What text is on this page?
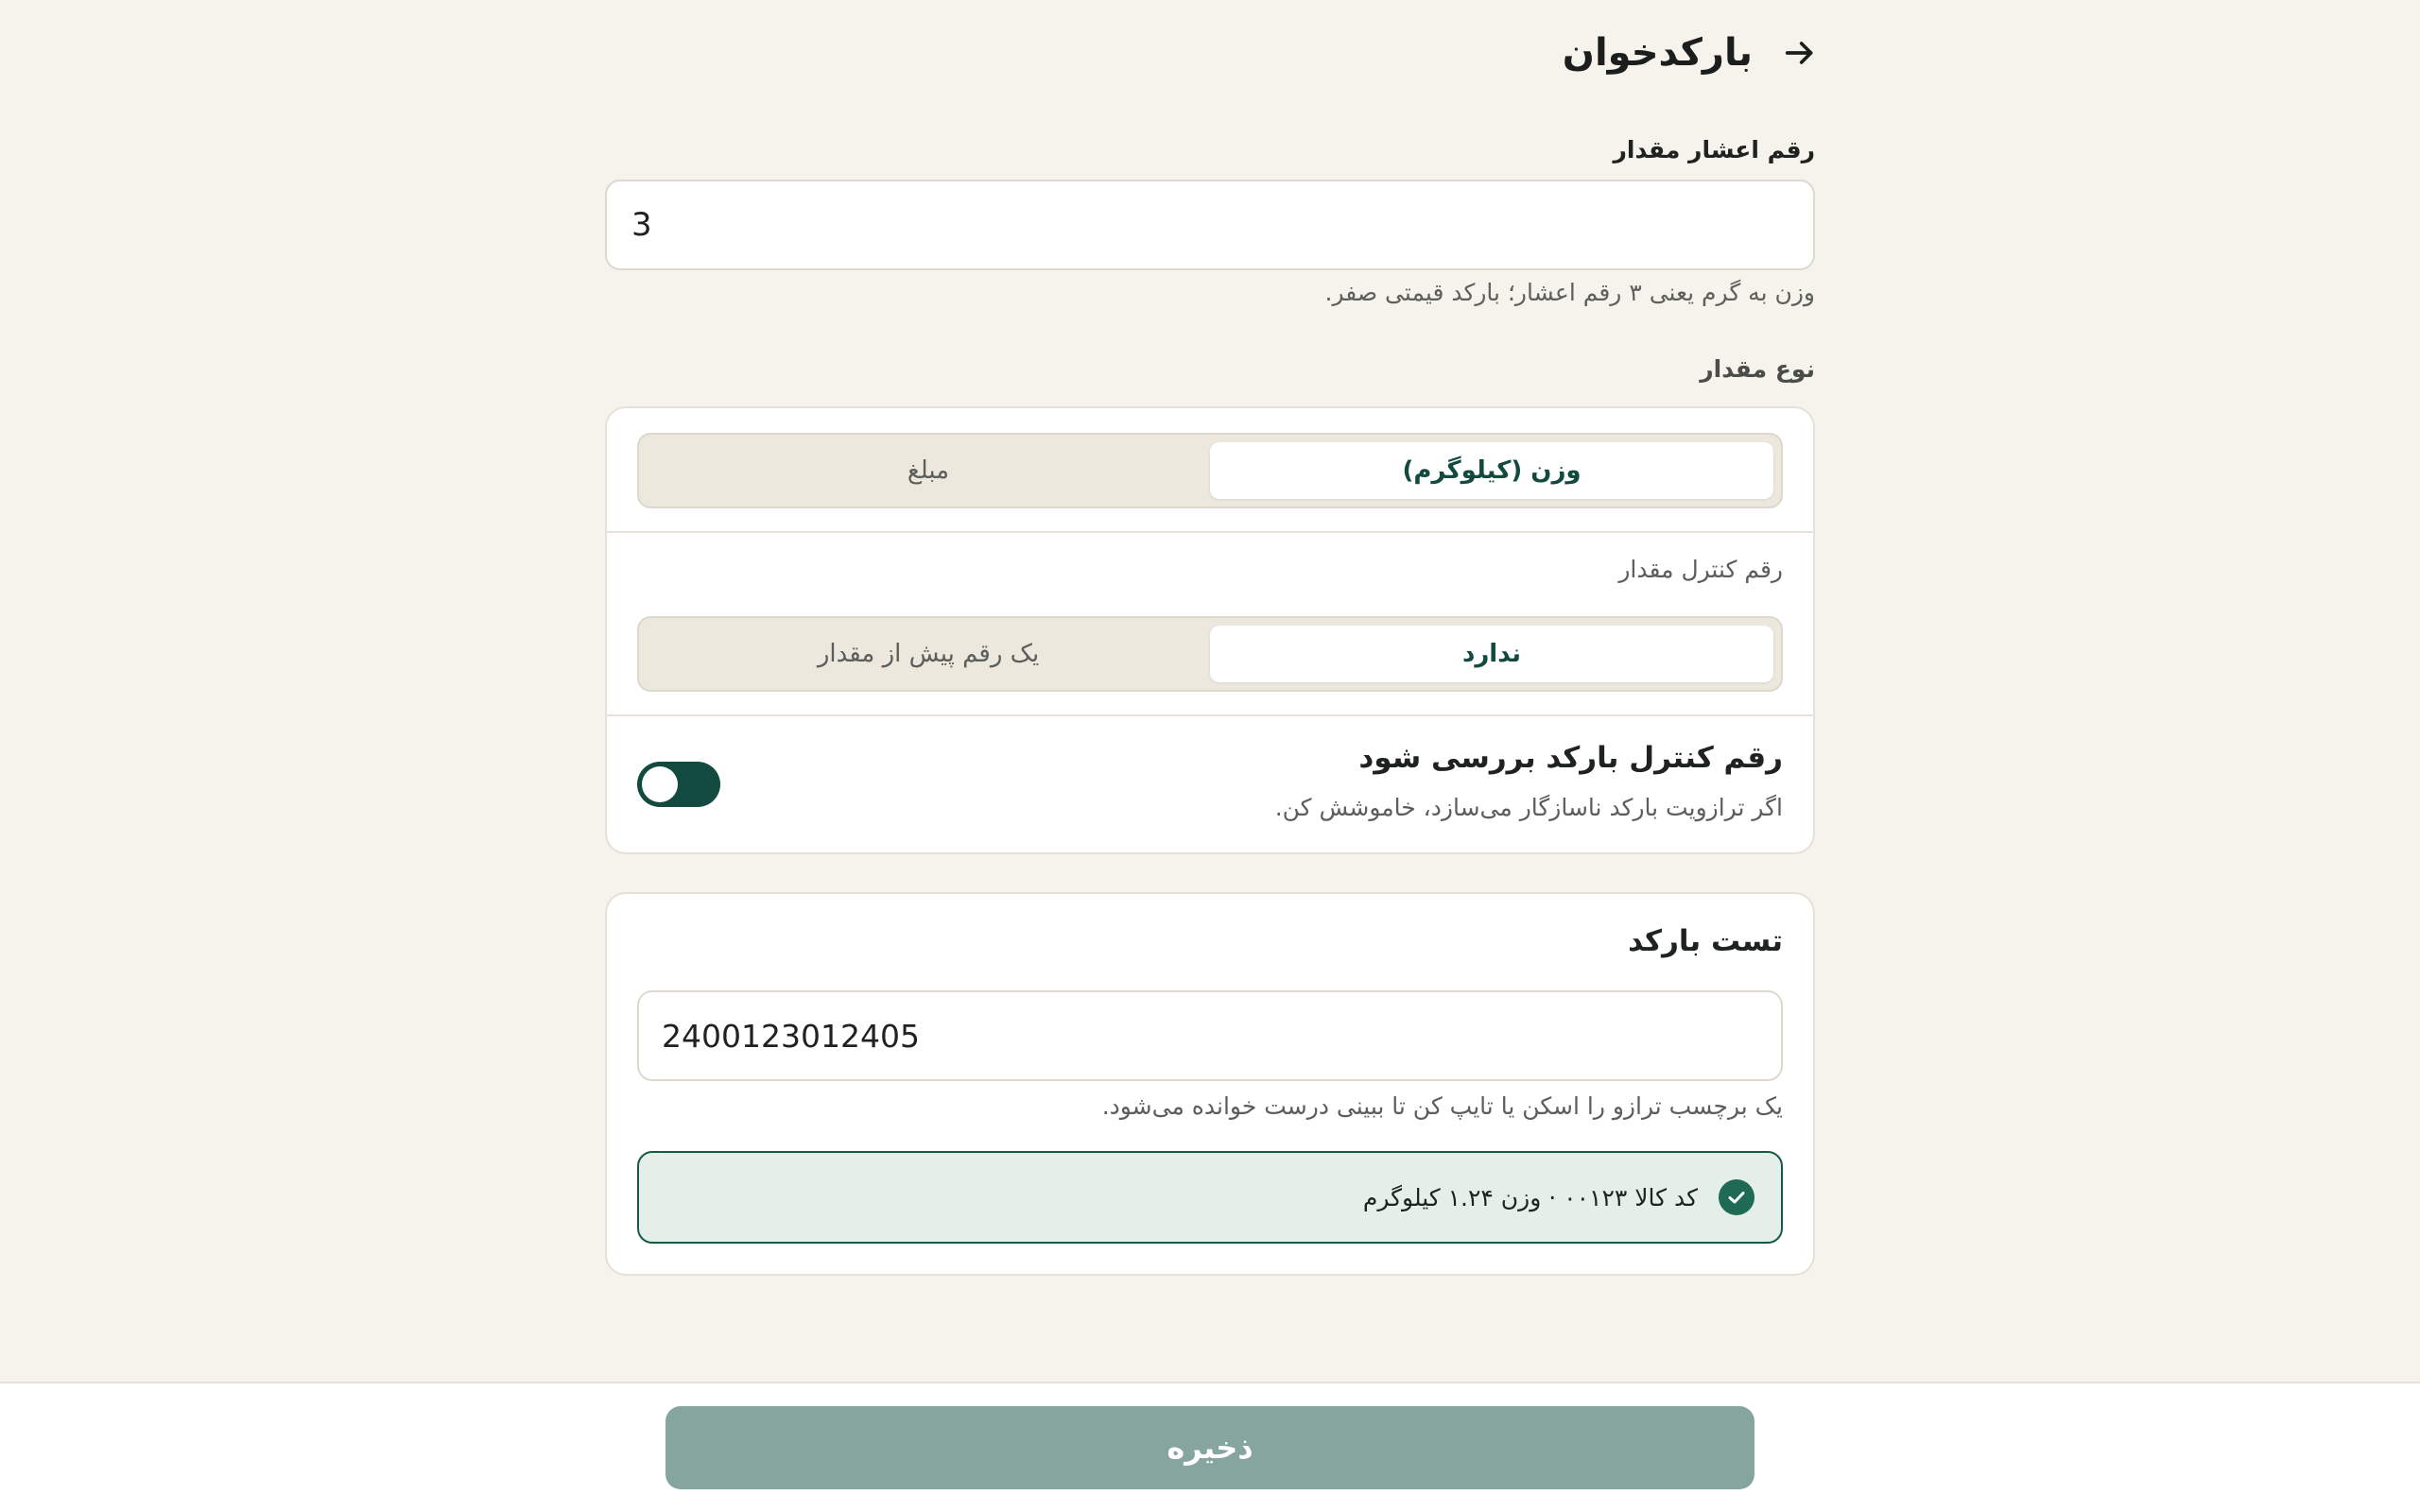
بارکدخوان
رقم اعشار مقدار
3
وزن به گرم یعنی ۳ رقم اعشار؛ بارکد قیمتی صفر.
نوع مقدار
وزن (کیلوگرم)
مبلغ
رقم کنترل مقدار
ندارد
یک رقم پیش از مقدار
رقم کنترل بارکد بررسی شود
اگر ترازویت بارکد ناسازگار می‌سازد، خاموشش کن.
تست بارکد
2400123012405
یک برچسب ترازو را اسکن یا تایپ کن تا ببینی درست خوانده می‌شود.
کد کالا ۰۰۱۲۳ · وزن ۱.۲۴ کیلوگرم
ذخیره
